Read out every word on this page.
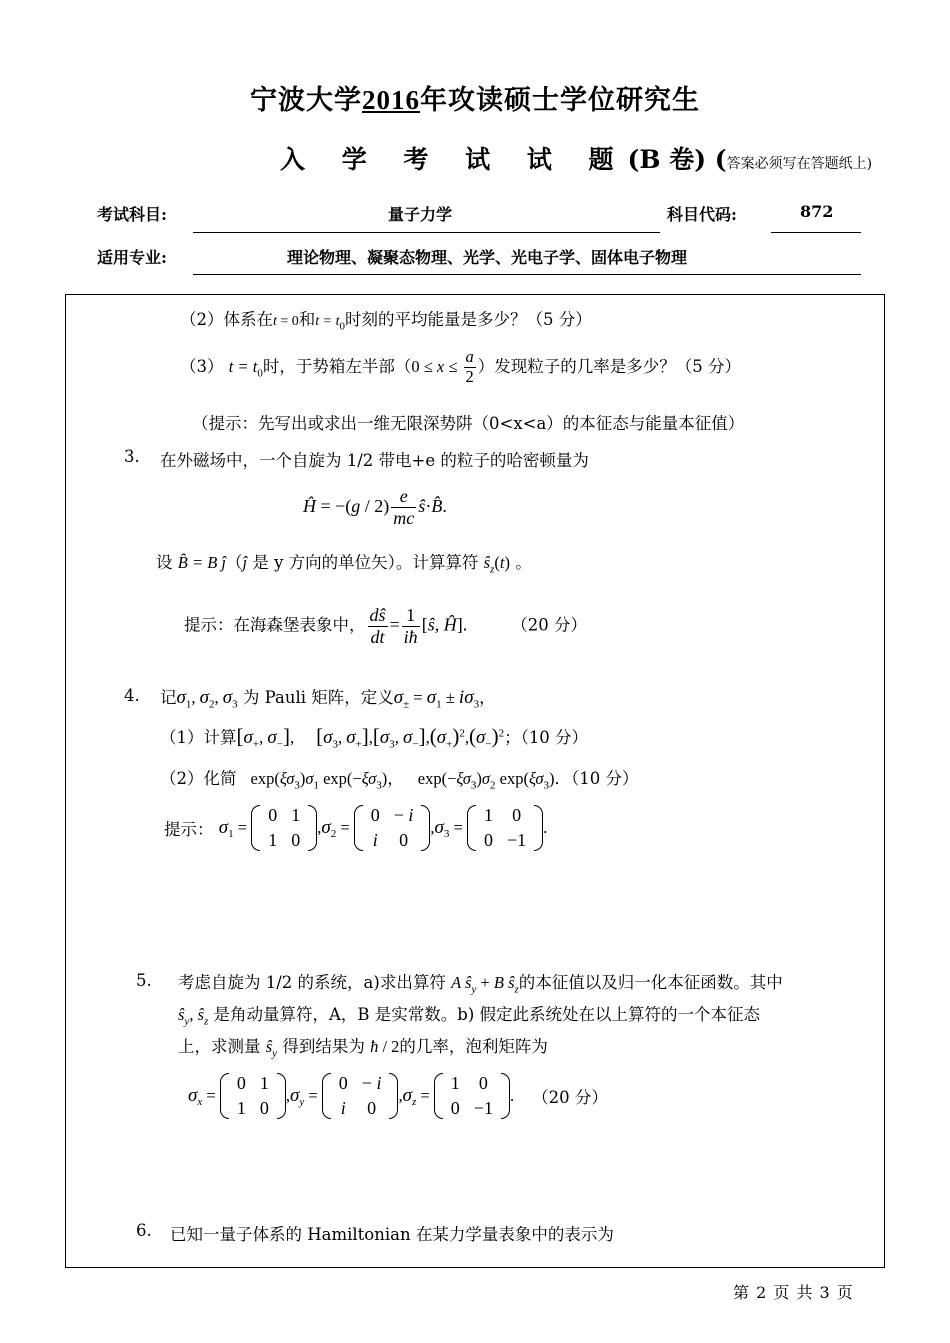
宁波大学2016年攻读硕士学位研究生
入 学 考 试 试 题(B 卷) (答案必须写在答题纸上)
考试科目:	量子力学	科目代码:	872
适用专业:	理论物理、凝聚态物理、光学、光电子学、固体电子物理
（2）体系在t = 0和$t = t_0$时刻的平均能量是多少？（5 分）
（3） $t = t_0$时，于势箱左半部（$0 \le x \le \frac{a}{2}$ ）发现粒子的几率是多少？（5 分）
（提示：先写出或求出一维无限深势阱（0<x<a）的本征态与能量本征值）
3. 在外磁场中，一个自旋为 1/2 带电+e 的粒子的哈密顿量为
Ĥ = $-(g / 2) \frac{e}{mc}$ ŝ·B̂.
设 B̂ = B ĵ（ĵ 是 y 方向的单位矢）。计算算符 $ŝ_z(t)$ 。
提示：在海森堡表象中， $\frac{dŝ}{dt} = \frac{1}{iħ}$ [ŝ, Ĥ].	（20 分）
4. 记$\sigma_1$, $\sigma_2$, $\sigma_3$ 为 Pauli 矩阵，定义$\sigma_\pm = \sigma_1 \pm i\sigma_3$，
（1）计算[$\sigma_+$, $\sigma_-$], [$\sigma_3$, $\sigma_+],[\sigma_3$, $\sigma_-],(\sigma_+)^2,(\sigma_-)^2$；（10 分）
（2）化简 $\exp(\xi\sigma_3)\sigma_1$ $\exp(-\xi\sigma_3)$， $\exp(-\xi\sigma_3)\sigma_2$ $\exp(\xi\sigma_3)$．（10 分）
提示： $\sigma_1$ =
0	1
1	0
$,\sigma_2$ =
0	− i
i	0
$,\sigma_3$ =
1	0
0	−1
.
5. 考虑自旋为 1/2 的系统，a)求出算符 A $ŝ_y + B$ $ŝ_z$的本征值以及归一化本征函数。其中
$ŝ_y$, $ŝ_z$ 是角动量算符，A，B 是实常数。b) 假定此系统处在以上算符的一个本征态
上，求测量 $ŝ_y$ 得到结果为 ħ / 2的几率，泡利矩阵为
$\sigma_x$ =
0	1
1	0
$,\sigma_y$ =
0	− i
i	0
$,\sigma_z$ =
1	0
0	−1
. （20 分）
6. 已知一量子体系的 Hamiltonian 在某力学量表象中的表示为
第 2 页 共 3 页
